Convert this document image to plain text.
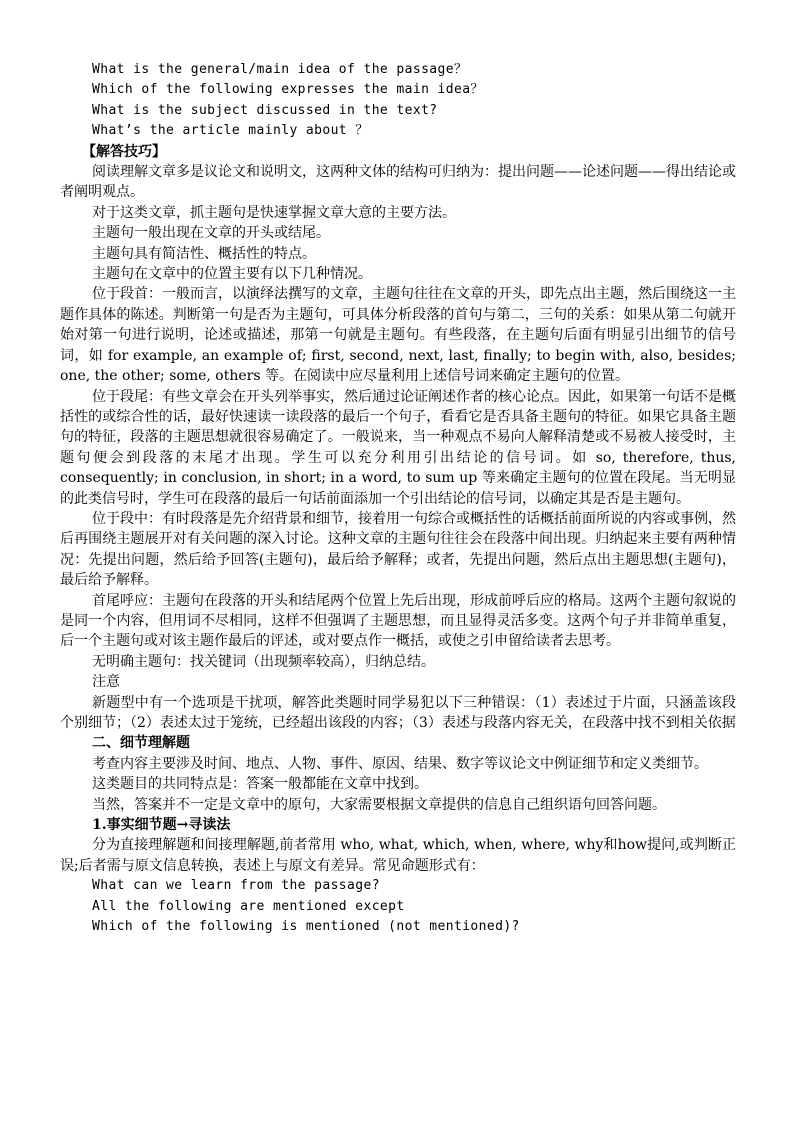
What is the general/main idea of the passage？

Which of the following expresses the main idea？

What is the subject discussed in the text?

What’s the article mainly about ？

【解答技巧】

阅读理解文章多是议论文和说明文，这两种文体的结构可归纳为：提出问题——论述问题——得出结论或者阐明观点。

对于这类文章，抓主题句是快速掌握文章大意的主要方法。

主题句一般出现在文章的开头或结尾。

主题句具有简洁性、概括性的特点。

主题句在文章中的位置主要有以下几种情况。

位于段首：一般而言，以演绎法撰写的文章，主题句往往在文章的开头，即先点出主题，然后围绕这一主题作具体的陈述。判断第一句是否为主题句，可具体分析段落的首句与第二，三句的关系：如果从第二句就开始对第一句进行说明，论述或描述，那第一句就是主题句。有些段落，在主题句后面有明显引出细节的信号词，如 for example, an example of; first, second, next, last, finally; to begin with, also, besides; one, the other; some, others 等。在阅读中应尽量利用上述信号词来确定主题句的位置。

位于段尾：有些文章会在开头列举事实，然后通过论证阐述作者的核心论点。因此，如果第一句话不是概括性的或综合性的话，最好快速读一读段落的最后一个句子，看看它是否具备主题句的特征。如果它具备主题句的特征，段落的主题思想就很容易确定了。一般说来，当一种观点不易向人解释清楚或不易被人接受时，主题句便会到段落的末尾才出现。学生可以充分利用引出结论的信号词。如 so, therefore, thus, consequently; in conclusion, in short; in a word, to sum up 等来确定主题句的位置在段尾。当无明显的此类信号时，学生可在段落的最后一句话前面添加一个引出结论的信号词，以确定其是否是主题句。

位于段中：有时段落是先介绍背景和细节，接着用一句综合或概括性的话概括前面所说的内容或事例，然后再围绕主题展开对有关问题的深入讨论。这种文章的主题句往往会在段落中间出现。归纳起来主要有两种情况：先提出问题，然后给予回答(主题句)，最后给予解释；或者，先提出问题，然后点出主题思想(主题句)，最后给予解释。

首尾呼应：主题句在段落的开头和结尾两个位置上先后出现，形成前呼后应的格局。这两个主题句叙说的是同一个内容，但用词不尽相同，这样不但强调了主题思想，而且显得灵活多变。这两个句子并非简单重复，后一个主题句或对该主题作最后的评述，或对要点作一概括，或使之引申留给读者去思考。

无明确主题句：找关键词（出现频率较高），归纳总结。

注意

新题型中有一个选项是干扰项，解答此类题时同学易犯以下三种错误：（1）表述过于片面，只涵盖该段个别细节；（2）表述太过于笼统，已经超出该段的内容；（3）表述与段落内容无关，在段落中找不到相关依据

二、细节理解题

考查内容主要涉及时间、地点、人物、事件、原因、结果、数字等议论文中例证细节和定义类细节。

这类题目的共同特点是：答案一般都能在文章中找到。

当然，答案并不一定是文章中的原句，大家需要根据文章提供的信息自己组织语句回答问题。

1.事实细节题→寻读法

分为直接理解题和间接理解题,前者常用 who, what, which, when, where, why和how提问,或判断正误;后者需与原文信息转换，表述上与原文有差异。常见命题形式有：

What can we learn from the passage?

All the following are mentioned except

Which of the following is mentioned (not mentioned)?
